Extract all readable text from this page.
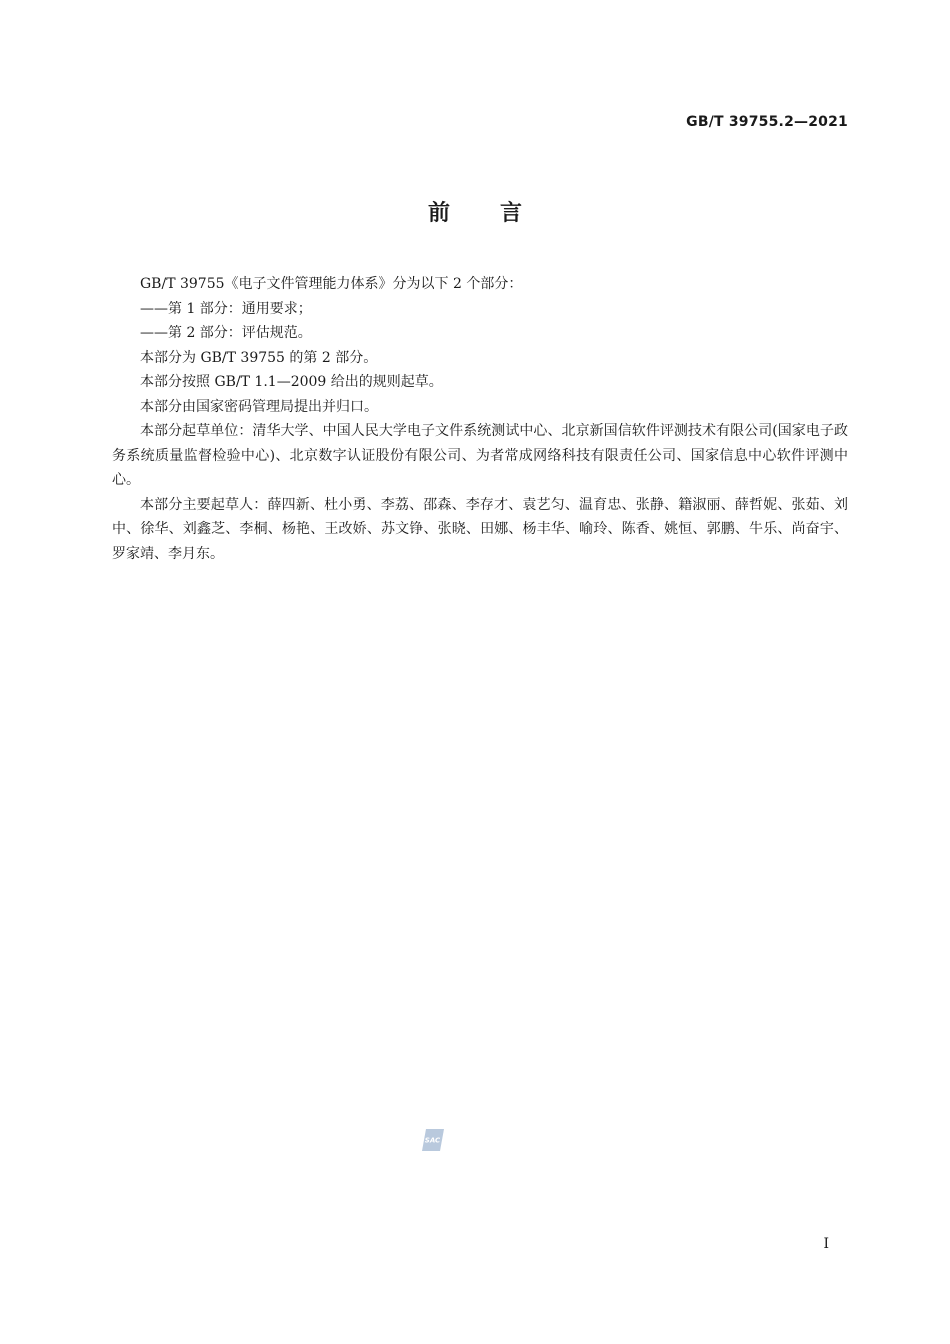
GB/T 39755.2—2021
前言

GB/T 39755《电子文件管理能力体系》分为以下 2 个部分：

——第 1 部分：通用要求；

——第 2 部分：评估规范。

本部分为 GB/T 39755 的第 2 部分。

本部分按照 GB/T 1.1—2009 给出的规则起草。

本部分由国家密码管理局提出并归口。

本部分起草单位：清华大学、中国人民大学电子文件系统测试中心、北京新国信软件评测技术有限公司(国家电子政务系统质量监督检验中心)、北京数字认证股份有限公司、为者常成网络科技有限责任公司、国家信息中心软件评测中心。

本部分主要起草人：薛四新、杜小勇、李荔、邵森、李存才、袁艺匀、温育忠、张静、籍淑丽、薛哲妮、张茹、刘中、徐华、刘鑫芝、李桐、杨艳、王改娇、苏文铮、张晓、田娜、杨丰华、喻玲、陈香、姚恒、郭鹏、牛乐、尚奋宇、罗家靖、李月东。

SAC
I
